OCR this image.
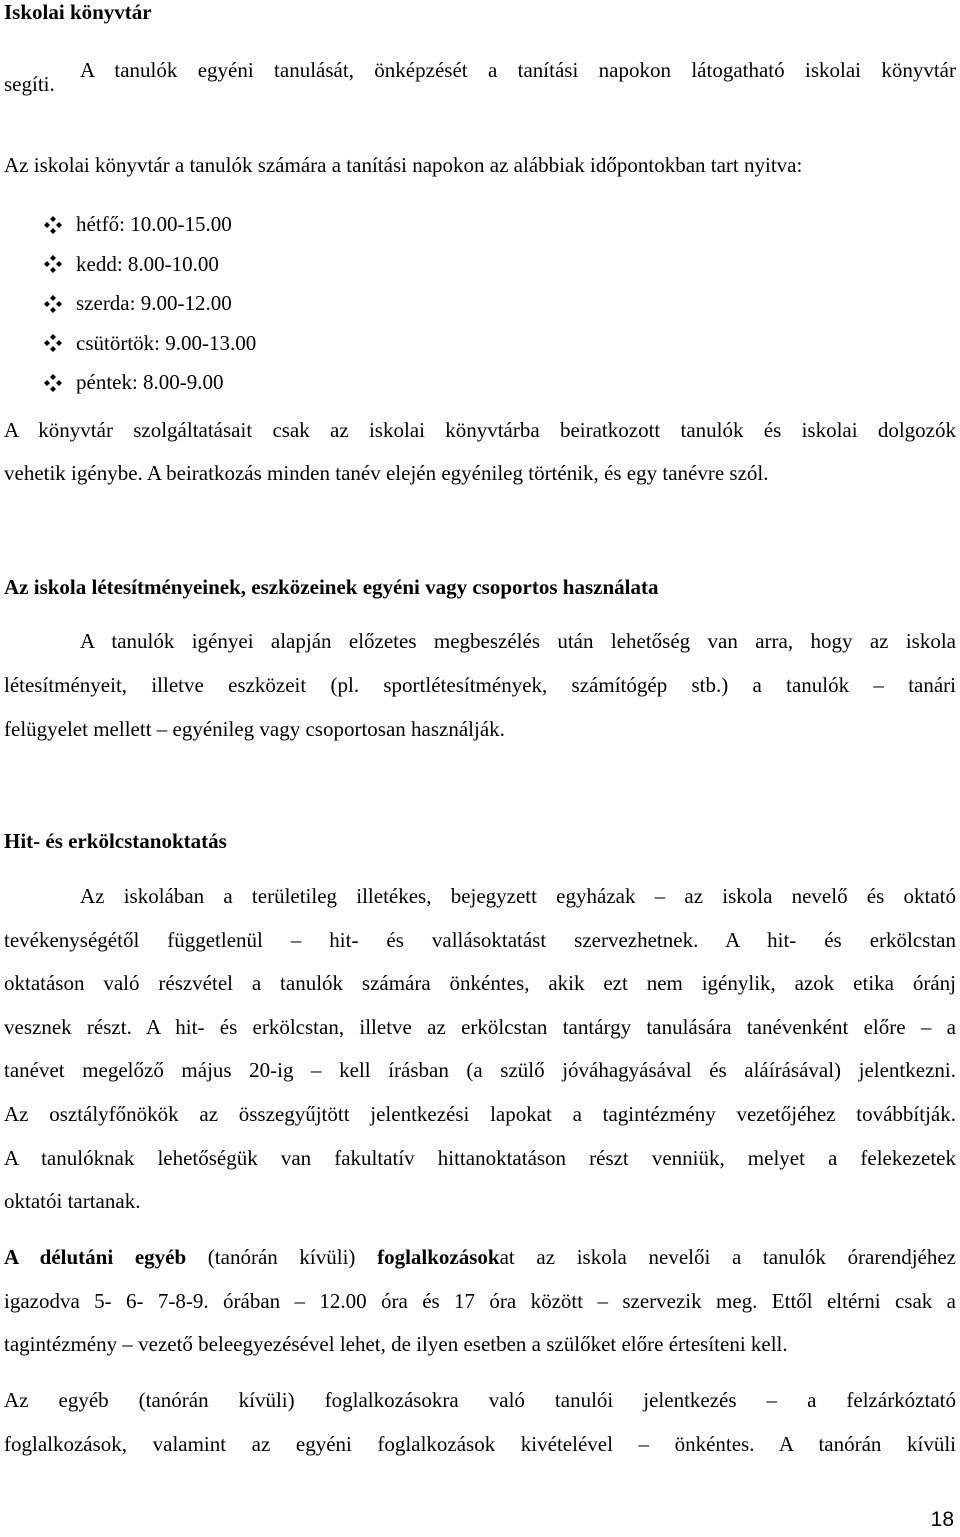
Iskolai könyvtár

A tanulók egyéni tanulását, önképzését a tanítási napokon látogatható iskolai könyvtár

segíti.

Az iskolai könyvtár a tanulók számára a tanítási napokon az alábbiak időpontokban tart nyitva:

hétfő: 10.00-15.00
kedd: 8.00-10.00
szerda: 9.00-12.00
csütörtök: 9.00-13.00
péntek: 8.00-9.00

A könyvtár szolgáltatásait csak az iskolai könyvtárba beiratkozott tanulók és iskolai dolgozók

vehetik igénybe. A beiratkozás minden tanév elején egyénileg történik, és egy tanévre szól.

Az iskola létesítményeinek, eszközeinek egyéni vagy csoportos használata

A tanulók igényei alapján előzetes megbeszélés után lehetőség van arra, hogy az iskola

létesítményeit, illetve eszközeit (pl. sportlétesítmények, számítógép stb.) a tanulók – tanári

felügyelet mellett – egyénileg vagy csoportosan használják.

Hit- és erkölcstanoktatás

Az iskolában a területileg illetékes, bejegyzett egyházak – az iskola nevelő és oktató

tevékenységétől függetlenül – hit- és vallásoktatást szervezhetnek. A hit- és erkölcstan

oktatáson való részvétel a tanulók számára önkéntes, akik ezt nem igénylik, azok etika óránj

vesznek részt. A hit- és erkölcstan, illetve az erkölcstan tantárgy tanulására tanévenként előre – a

tanévet megelőző május 20-ig – kell írásban (a szülő jóváhagyásával és aláírásával) jelentkezni.

Az osztályfőnökök az összegyűjtött jelentkezési lapokat a tagintézmény vezetőjéhez továbbítják.

A tanulóknak lehetőségük van fakultatív hittanoktatáson részt venniük, melyet a felekezetek

oktatói tartanak.

A délutáni egyéb (tanórán kívüli) foglalkozásokat az iskola nevelői a tanulók órarendjéhez

igazodva 5- 6- 7-8-9. órában – 12.00 óra és 17 óra között – szervezik meg. Ettől eltérni csak a

tagintézmény – vezető beleegyezésével lehet, de ilyen esetben a szülőket előre értesíteni kell.

Az egyéb (tanórán kívüli) foglalkozásokra való tanulói jelentkezés – a felzárkóztató

foglalkozások, valamint az egyéni foglalkozások kivételével – önkéntes. A tanórán kívüli

18
